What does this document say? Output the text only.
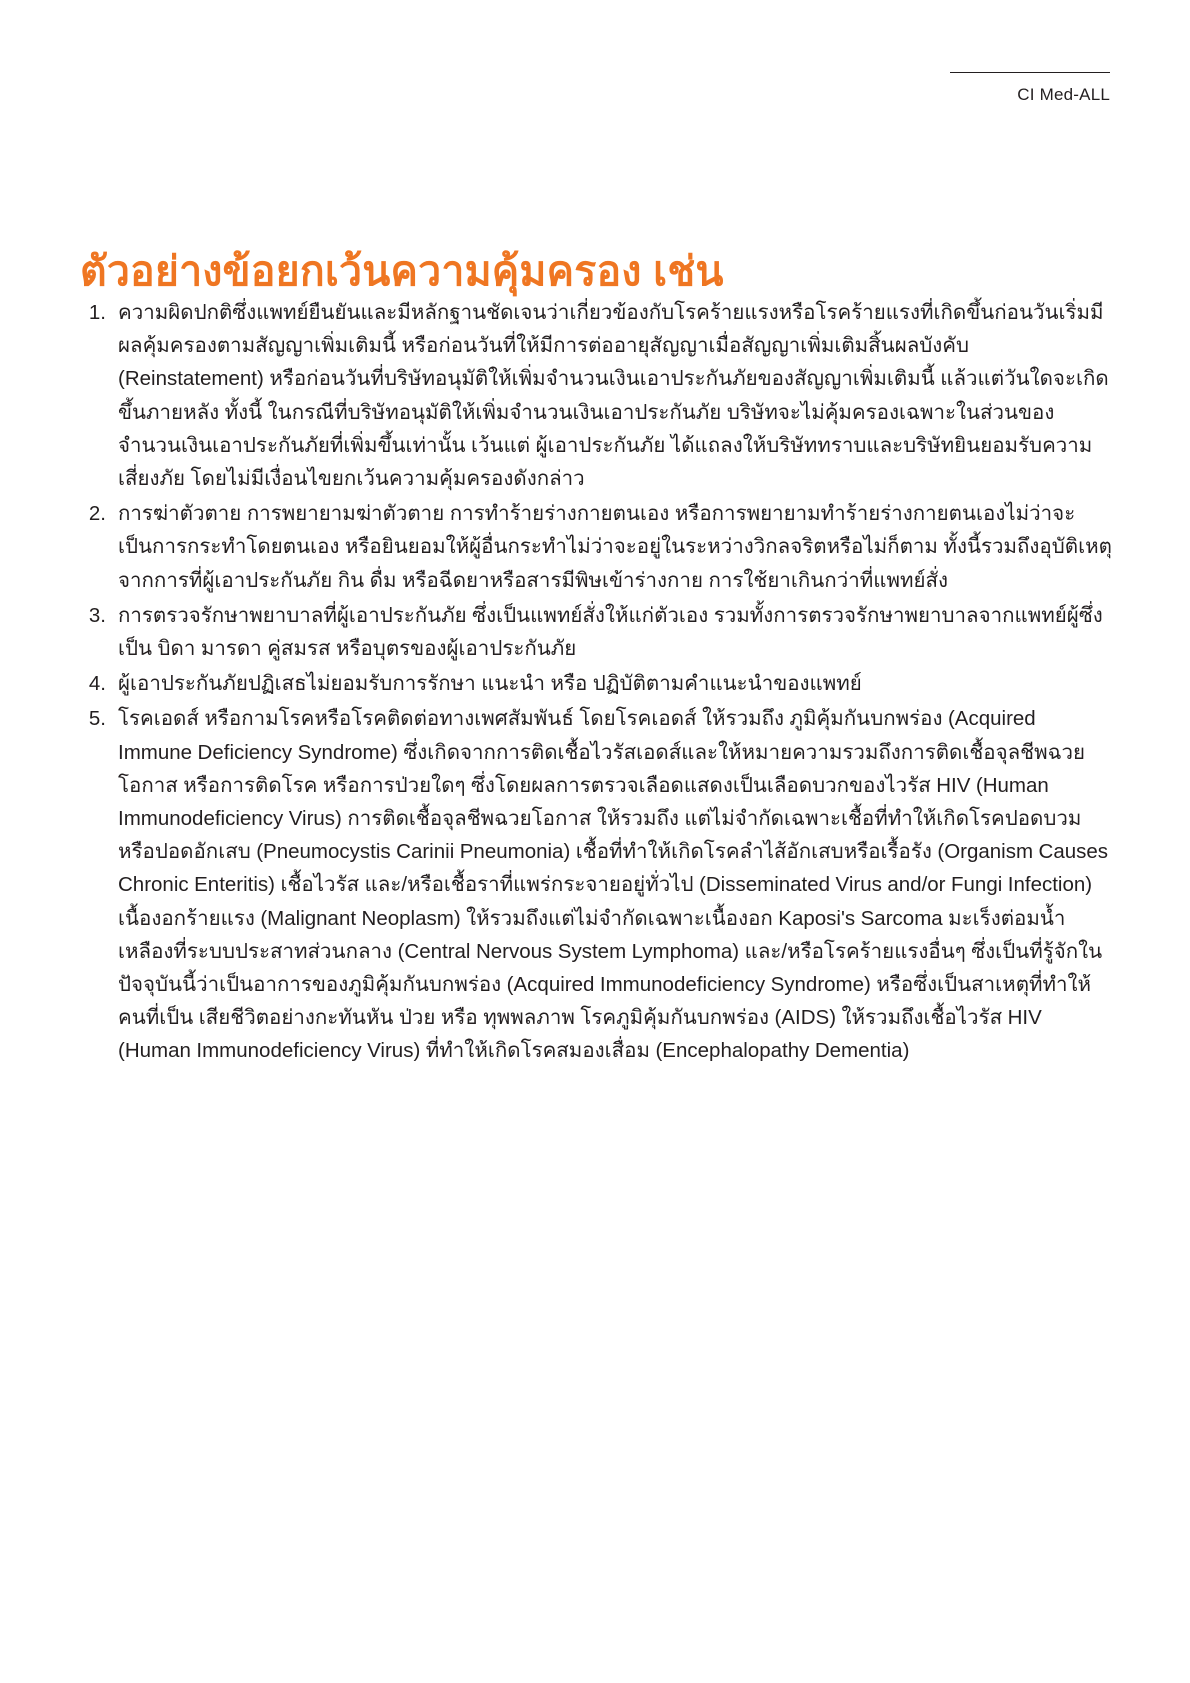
CI Med-ALL
ตัวอย่างข้อยกเว้นความคุ้มครอง เช่น
1. ความผิดปกติซึ่งแพทย์ยืนยันและมีหลักฐานชัดเจนว่าเกี่ยวข้องกับโรคร้ายแรงหรือโรคร้ายแรงที่เกิดขึ้นก่อนวันเริ่มมีผลคุ้มครองตามสัญญาเพิ่มเติมนี้ หรือก่อนวันที่ให้มีการต่ออายุสัญญาเมื่อสัญญาเพิ่มเติมสิ้นผลบังคับ (Reinstatement) หรือก่อนวันที่บริษัทอนุมัติให้เพิ่มจำนวนเงินเอาประกันภัยของสัญญาเพิ่มเติมนี้ แล้วแต่วันใดจะเกิดขึ้นภายหลัง ทั้งนี้ ในกรณีที่บริษัทอนุมัติให้เพิ่มจำนวนเงินเอาประกันภัย บริษัทจะไม่คุ้มครองเฉพาะในส่วนของจำนวนเงินเอาประกันภัยที่เพิ่มขึ้นเท่านั้น เว้นแต่ ผู้เอาประกันภัย ได้แถลงให้บริษัททราบและบริษัทยินยอมรับความเสี่ยงภัย โดยไม่มีเงื่อนไขยกเว้นความคุ้มครองดังกล่าว
2. การฆ่าตัวตาย การพยายามฆ่าตัวตาย การทำร้ายร่างกายตนเอง หรือการพยายามทำร้ายร่างกายตนเองไม่ว่าจะเป็นการกระทำโดยตนเอง หรือยินยอมให้ผู้อื่นกระทำไม่ว่าจะอยู่ในระหว่างวิกลจริตหรือไม่ก็ตาม ทั้งนี้รวมถึงอุบัติเหตุจากการที่ผู้เอาประกันภัย กิน ดื่ม หรือฉีดยาหรือสารมีพิษเข้าร่างกาย การใช้ยาเกินกว่าที่แพทย์สั่ง
3. การตรวจรักษาพยาบาลที่ผู้เอาประกันภัย ซึ่งเป็นแพทย์สั่งให้แก่ตัวเอง รวมทั้งการตรวจรักษาพยาบาลจากแพทย์ผู้ซึ่งเป็น บิดา มารดา คู่สมรส หรือบุตรของผู้เอาประกันภัย
4. ผู้เอาประกันภัยปฏิเสธไม่ยอมรับการรักษา แนะนำ หรือ ปฏิบัติตามคำแนะนำของแพทย์
5. โรคเอดส์ หรือกามโรคหรือโรคติดต่อทางเพศสัมพันธ์ โดยโรคเอดส์ ให้รวมถึง ภูมิคุ้มกันบกพร่อง (Acquired Immune Deficiency Syndrome) ซึ่งเกิดจากการติดเชื้อไวรัสเอดส์และให้หมายความรวมถึงการติดเชื้อจุลชีพฉวยโอกาส หรือการติดโรค หรือการป่วยใดๆ ซึ่งโดยผลการตรวจเลือดแสดงเป็นเลือดบวกของไวรัส HIV (Human Immunodeficiency Virus) การติดเชื้อจุลชีพฉวยโอกาส ให้รวมถึง แต่ไม่จำกัดเฉพาะเชื้อที่ทำให้เกิดโรคปอดบวม หรือปอดอักเสบ (Pneumocystis Carinii Pneumonia) เชื้อที่ทำให้เกิดโรคลำไส้อักเสบหรือเรื้อรัง (Organism Causes Chronic Enteritis) เชื้อไวรัส และ/หรือเชื้อราที่แพร่กระจายอยู่ทั่วไป (Disseminated Virus and/or Fungi Infection) เนื้องอกร้ายแรง (Malignant Neoplasm) ให้รวมถึงแต่ไม่จำกัดเฉพาะเนื้องอก Kaposi's Sarcoma มะเร็งต่อมน้ำเหลืองที่ระบบประสาทส่วนกลาง (Central Nervous System Lymphoma) และ/หรือโรคร้ายแรงอื่นๆ ซึ่งเป็นที่รู้จักในปัจจุบันนี้ว่าเป็นอาการของภูมิคุ้มกันบกพร่อง (Acquired Immunodeficiency Syndrome) หรือซึ่งเป็นสาเหตุที่ทำให้คนที่เป็น เสียชีวิตอย่างกะทันหัน ป่วย หรือ ทุพพลภาพ โรคภูมิคุ้มกันบกพร่อง (AIDS) ให้รวมถึงเชื้อไวรัส HIV (Human Immunodeficiency Virus) ที่ทำให้เกิดโรคสมองเสื่อม (Encephalopathy Dementia)
